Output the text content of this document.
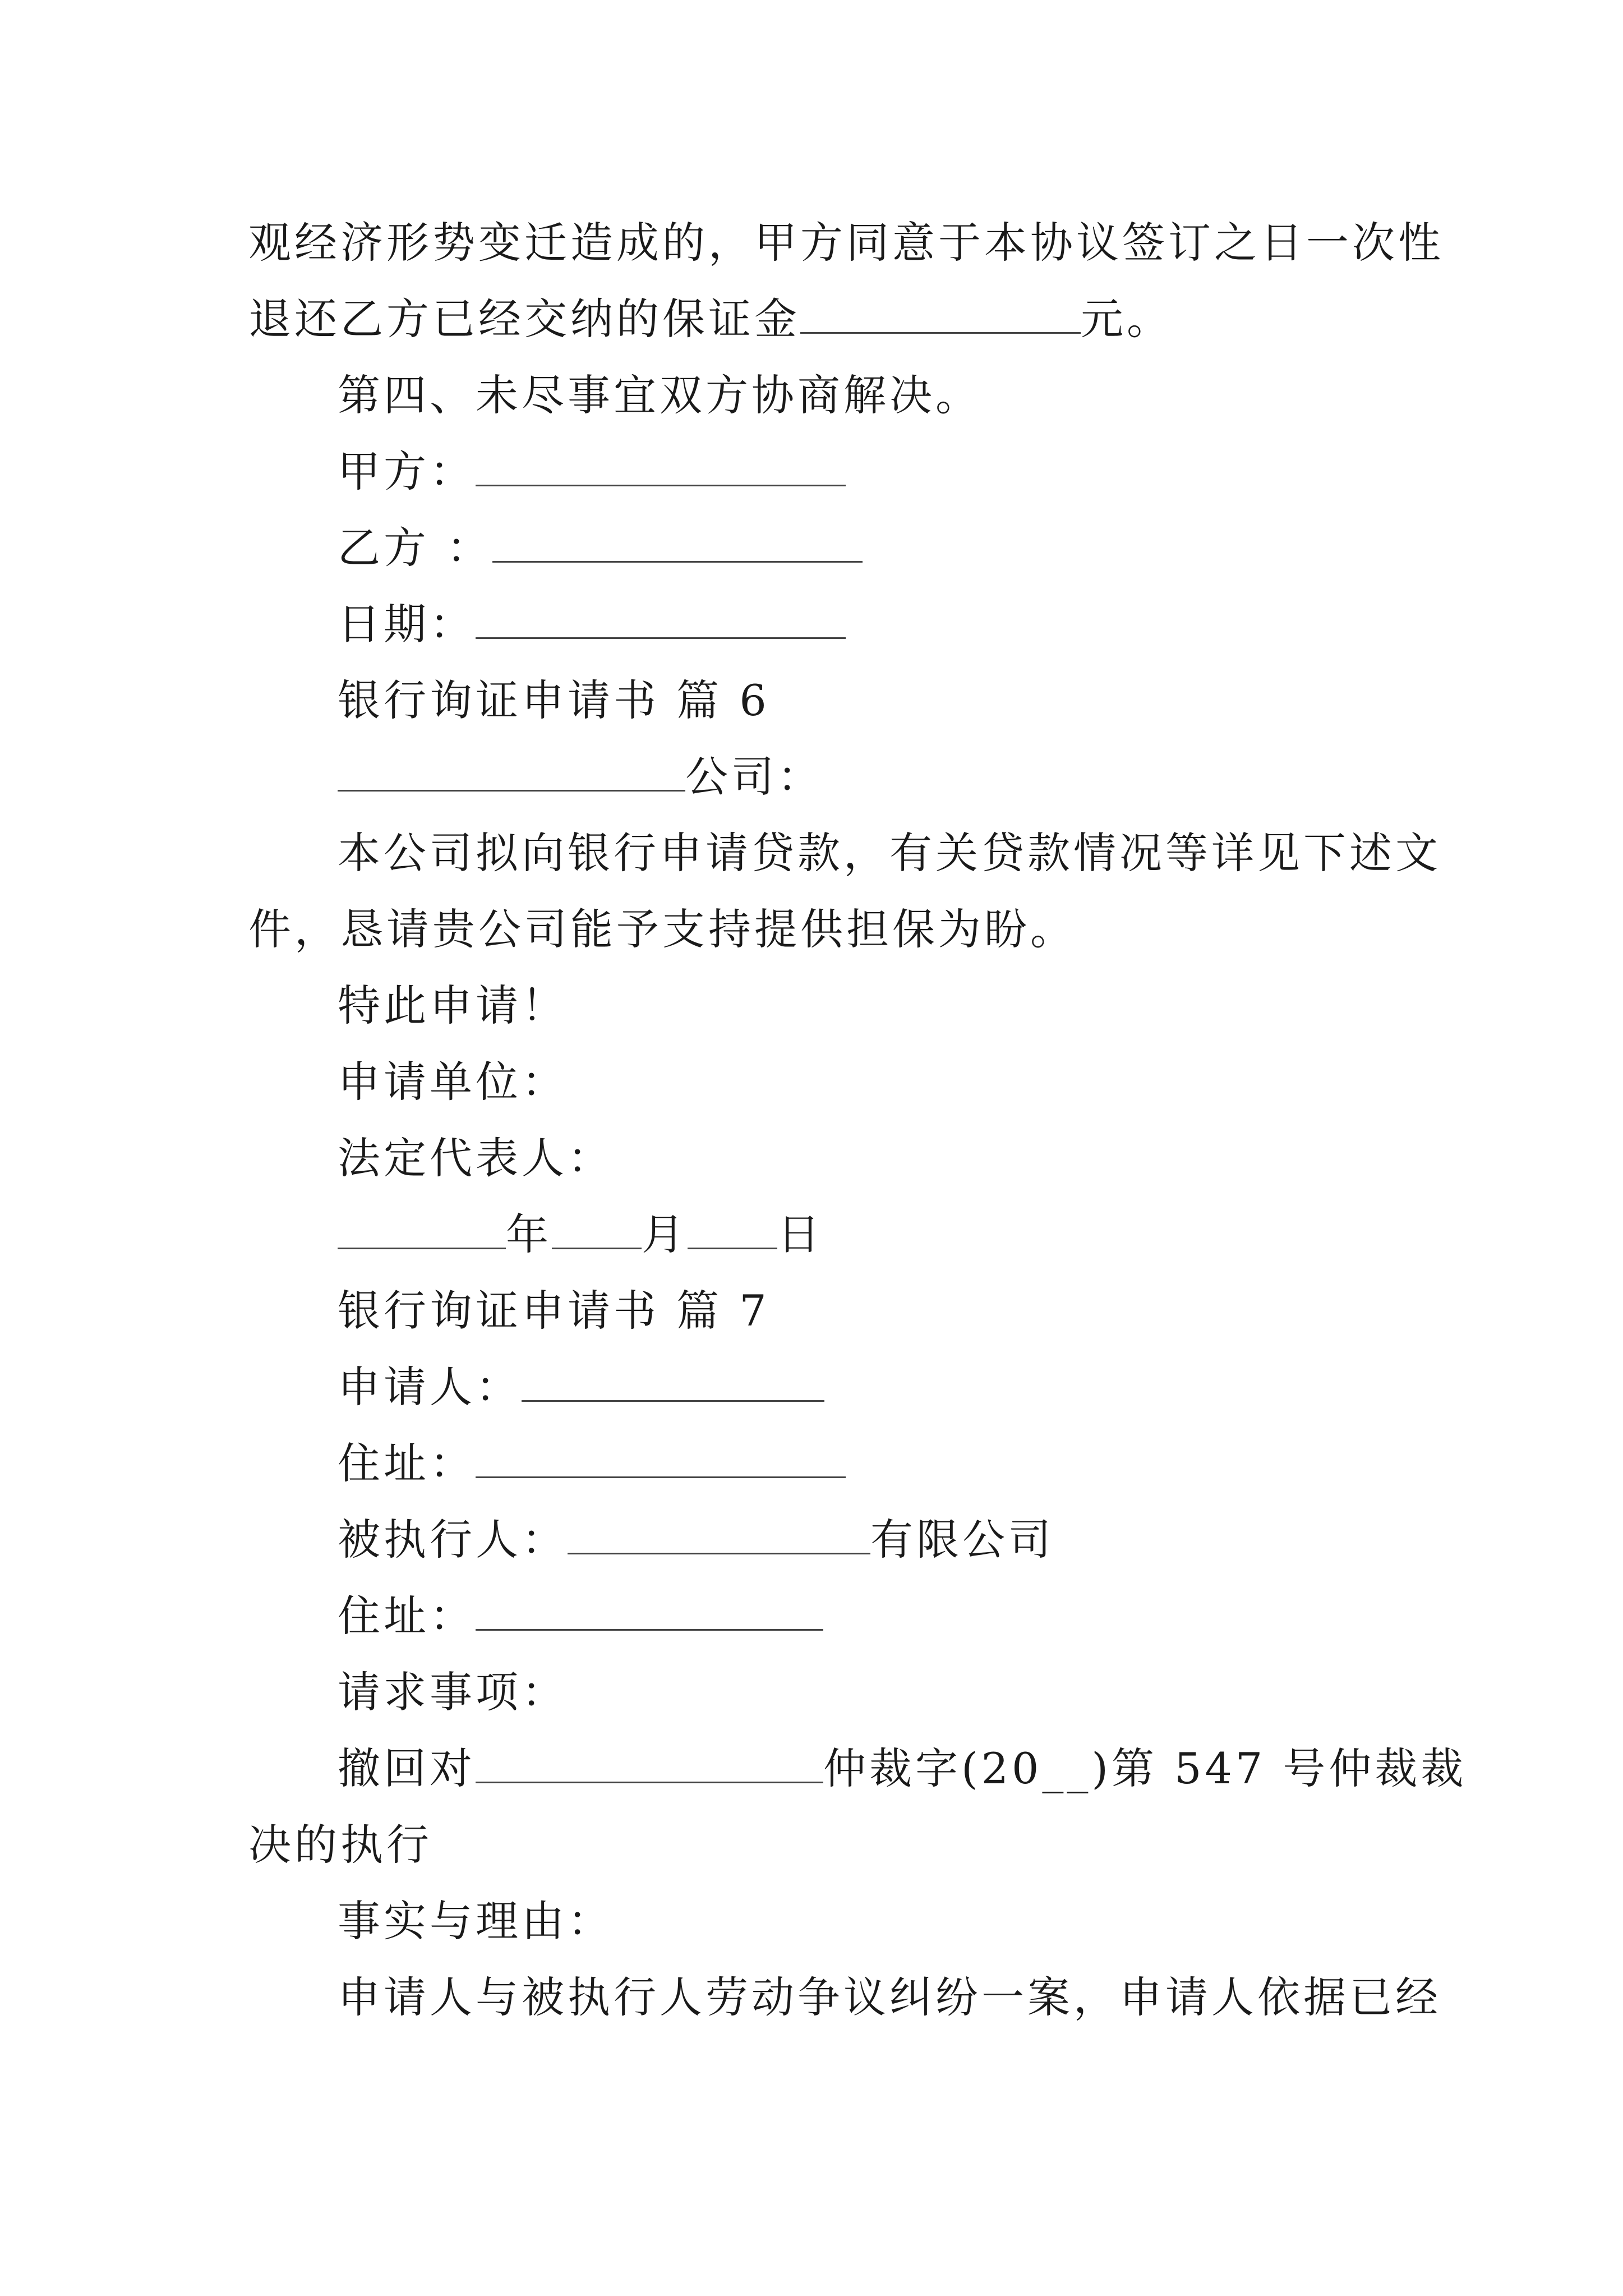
观经济形势变迁造成的，甲方同意于本协议签订之日一次性
退还乙方已经交纳的保证金	元。
第四、未尽事宜双方协商解决。
甲方：
乙方 ：
日期：
银行询证申请书 篇 6
公司：
本公司拟向银行申请贷款，有关贷款情况等详见下述文
件，恳请贵公司能予支持提供担保为盼。
特此申请！
申请单位：
法定代表人：
年 月 日
银行询证申请书 篇 7
申请人：
住址：
被执行人：	有限公司
住址：
请求事项：
撤回对	仲裁字(20__)第 547 号仲裁裁
决的执行
事实与理由：
申请人与被执行人劳动争议纠纷一案，申请人依据已经
